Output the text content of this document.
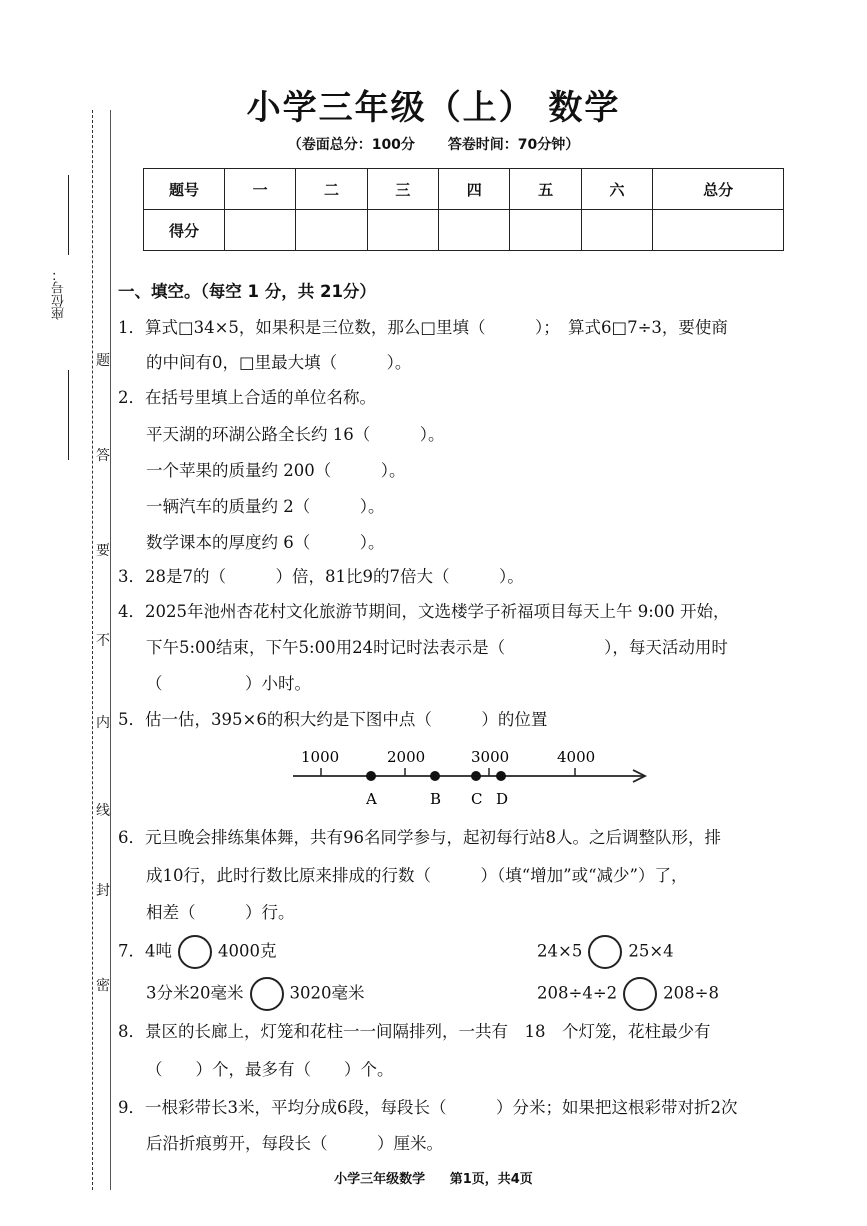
座位号：
题
答
要
不
内
线
封
密
小学三年级（上） 数学
（卷面总分：100分 答卷时间：70分钟）
题号	一	二	三	四	五	六	总分
得分							
一、填空。（每空 1 分，共 21分）
1．算式□34×5，如果积是三位数，那么□里填（　　　）；　算式6□7÷3，要使商
的中间有0，□里最大填（　　　）。
2．在括号里填上合适的单位名称。
平天湖的环湖公路全长约 16（　　　）。
一个苹果的质量约 200（　　　）。
一辆汽车的质量约 2（　　　）。
数学课本的厚度约 6（　　　）。
3．28是7的（　　　）倍，81比9的7倍大（　　　）。
4．2025年池州杏花村文化旅游节期间，文选楼学子祈福项目每天上午 9:00 开始，
下午5:00结束，下午5:00用24时记时法表示是（　　　　　　），每天活动用时
（　　　　　）小时。
5．估一估，395×6的积大约是下图中点（　　　）的位置
1000	2000	3000	4000
A	B C D
6．元旦晚会排练集体舞，共有96名同学参与，起初每行站8人。之后调整队形，排
成10行，此时行数比原来排成的行数（　　　）（填“增加”或“减少”）了，
相差（　　　）行。
7．4吨	4000克	24×5	25×4
3分米20毫米	3020毫米	208÷4÷2	208÷8
8．景区的长廊上，灯笼和花柱一一间隔排列，一共有　18　个灯笼，花柱最少有
（　　）个，最多有（　　）个。
9．一根彩带长3米，平均分成6段，每段长（　　　）分米；如果把这根彩带对折2次
后沿折痕剪开，每段长（　　　）厘米。
小学三年级数学 第1页，共4页
